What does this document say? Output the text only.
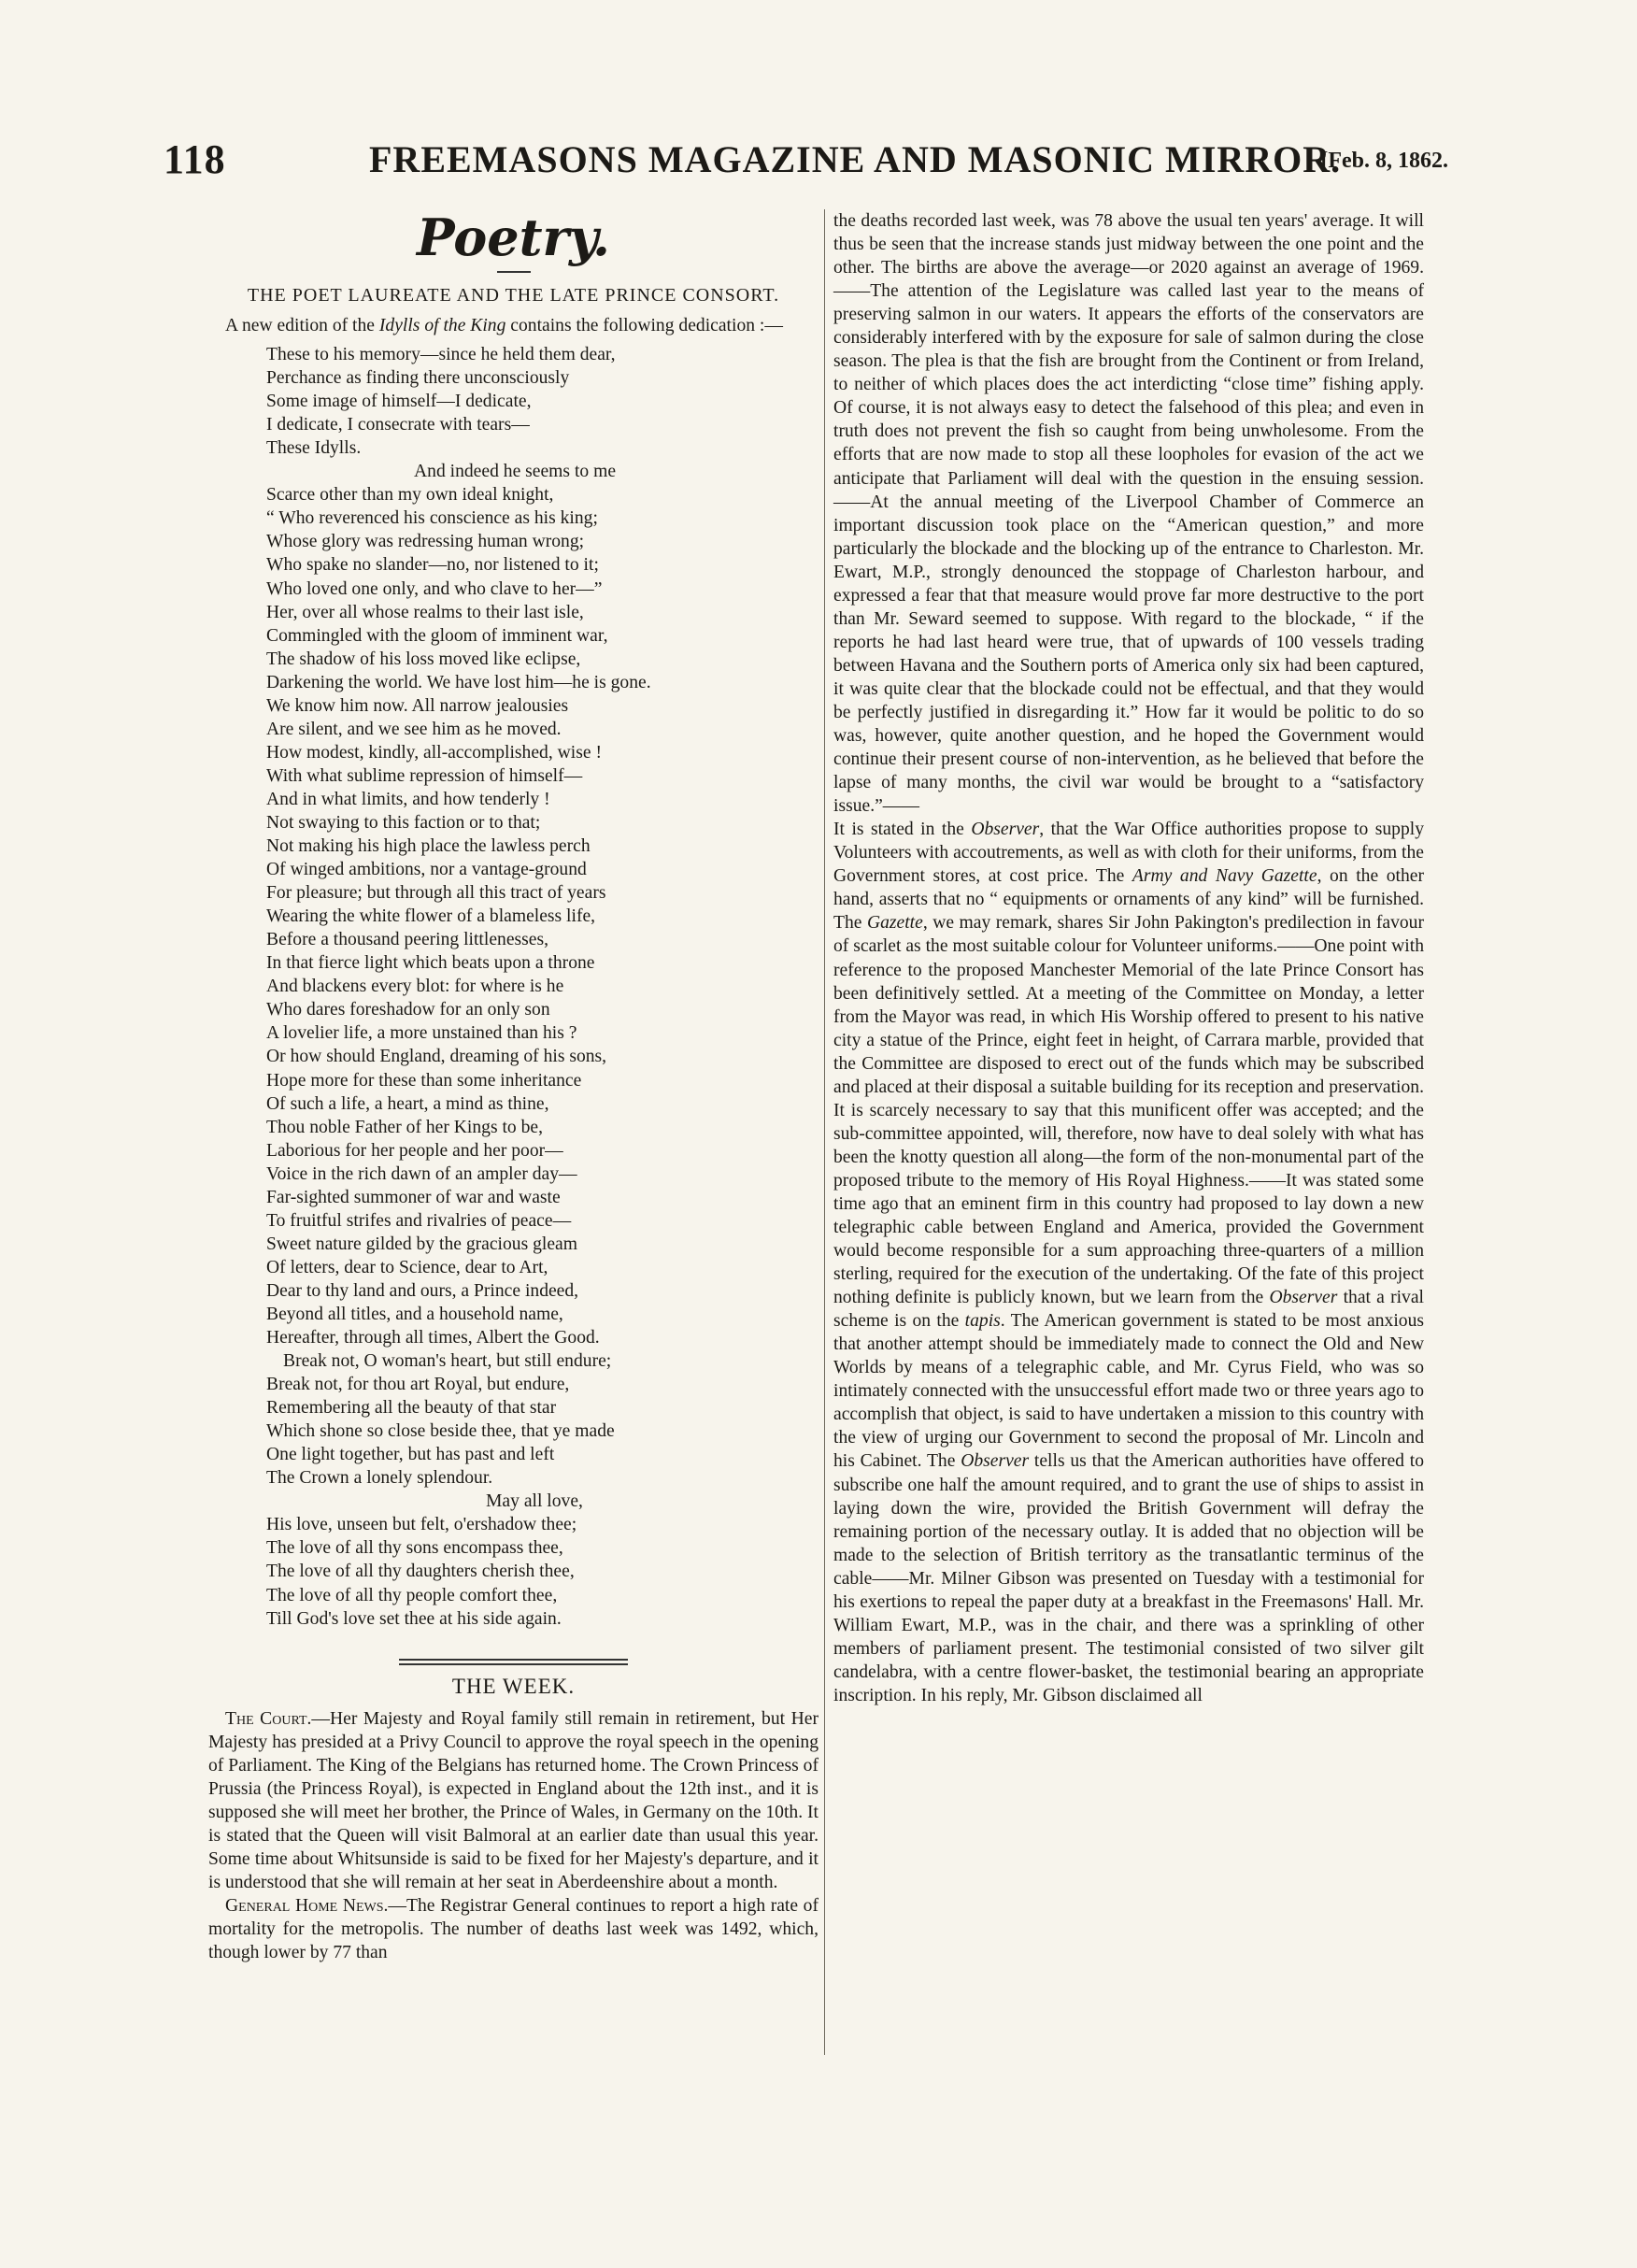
118	FREEMASONS MAGAZINE AND MASONIC MIRROR.
[Feb. 8, 1862.
Poetry.
THE POET LAUREATE AND THE LATE PRINCE CONSORT.

A new edition of the Idylls of the King contains the following dedication :—

These to his memory—since he held them dear,
Perchance as finding there unconsciously
Some image of himself—I dedicate,
I dedicate, I consecrate with tears—
These Idylls.
And indeed he seems to me
Scarce other than my own ideal knight,
“ Who reverenced his conscience as his king;
Whose glory was redressing human wrong;
Who spake no slander—no, nor listened to it;
Who loved one only, and who clave to her—”
Her, over all whose realms to their last isle,
Commingled with the gloom of imminent war,
The shadow of his loss moved like eclipse,
Darkening the world. We have lost him—he is gone.
We know him now. All narrow jealousies
Are silent, and we see him as he moved.
How modest, kindly, all-accomplished, wise !
With what sublime repression of himself—
And in what limits, and how tenderly !
Not swaying to this faction or to that;
Not making his high place the lawless perch
Of winged ambitions, nor a vantage-ground
For pleasure; but through all this tract of years
Wearing the white flower of a blameless life,
Before a thousand peering littlenesses,
In that fierce light which beats upon a throne
And blackens every blot: for where is he
Who dares foreshadow for an only son
A lovelier life, a more unstained than his ?
Or how should England, dreaming of his sons,
Hope more for these than some inheritance
Of such a life, a heart, a mind as thine,
Thou noble Father of her Kings to be,
Laborious for her people and her poor—
Voice in the rich dawn of an ampler day—
Far-sighted summoner of war and waste
To fruitful strifes and rivalries of peace—
Sweet nature gilded by the gracious gleam
Of letters, dear to Science, dear to Art,
Dear to thy land and ours, a Prince indeed,
Beyond all titles, and a household name,
Hereafter, through all times, Albert the Good.
Break not, O woman's heart, but still endure;
Break not, for thou art Royal, but endure,
Remembering all the beauty of that star
Which shone so close beside thee, that ye made
One light together, but has past and left
The Crown a lonely splendour.
May all love,
His love, unseen but felt, o'ershadow thee;
The love of all thy sons encompass thee,
The love of all thy daughters cherish thee,
The love of all thy people comfort thee,
Till God's love set thee at his side again.
THE WEEK.

The Court.—Her Majesty and Royal family still remain in retirement, but Her Majesty has presided at a Privy Council to approve the royal speech in the opening of Parliament. The King of the Belgians has returned home. The Crown Princess of Prussia (the Princess Royal), is expected in England about the 12th inst., and it is supposed she will meet her brother, the Prince of Wales, in Germany on the 10th. It is stated that the Queen will visit Balmoral at an earlier date than usual this year. Some time about Whitsunside is said to be fixed for her Majesty's departure, and it is understood that she will remain at her seat in Aberdeenshire about a month.

General Home News.—The Registrar General continues to report a high rate of mortality for the metropolis. The number of deaths last week was 1492, which, though lower by 77 than

the deaths recorded last week, was 78 above the usual ten years' average. It will thus be seen that the increase stands just midway between the one point and the other. The births are above the average—or 2020 against an average of 1969.——The attention of the Legislature was called last year to the means of preserving salmon in our waters. It appears the efforts of the conservators are considerably interfered with by the exposure for sale of salmon during the close season. The plea is that the fish are brought from the Continent or from Ireland, to neither of which places does the act interdicting “close time” fishing apply. Of course, it is not always easy to detect the falsehood of this plea; and even in truth does not prevent the fish so caught from being unwholesome. From the efforts that are now made to stop all these loopholes for evasion of the act we anticipate that Parliament will deal with the question in the ensuing session.——At the annual meeting of the Liverpool Chamber of Commerce an important discussion took place on the “American question,” and more particularly the blockade and the blocking up of the entrance to Charleston. Mr. Ewart, M.P., strongly denounced the stoppage of Charleston harbour, and expressed a fear that that measure would prove far more destructive to the port than Mr. Seward seemed to suppose. With regard to the blockade, “ if the reports he had last heard were true, that of upwards of 100 vessels trading between Havana and the Southern ports of America only six had been captured, it was quite clear that the blockade could not be effectual, and that they would be perfectly justified in disregarding it.” How far it would be politic to do so was, however, quite another question, and he hoped the Government would continue their present course of non-intervention, as he believed that before the lapse of many months, the civil war would be brought to a “satisfactory issue.”——

It is stated in the Observer, that the War Office authorities propose to supply Volunteers with accoutrements, as well as with cloth for their uniforms, from the Government stores, at cost price. The Army and Navy Gazette, on the other hand, asserts that no “ equipments or ornaments of any kind” will be furnished. The Gazette, we may remark, shares Sir John Pakington's predilection in favour of scarlet as the most suitable colour for Volunteer uniforms.——One point with reference to the proposed Manchester Memorial of the late Prince Consort has been definitively settled. At a meeting of the Committee on Monday, a letter from the Mayor was read, in which His Worship offered to present to his native city a statue of the Prince, eight feet in height, of Carrara marble, provided that the Committee are disposed to erect out of the funds which may be subscribed and placed at their disposal a suitable building for its reception and preservation. It is scarcely necessary to say that this munificent offer was accepted; and the sub-committee appointed, will, therefore, now have to deal solely with what has been the knotty question all along—the form of the non-monumental part of the proposed tribute to the memory of His Royal Highness.——It was stated some time ago that an eminent firm in this country had proposed to lay down a new telegraphic cable between England and America, provided the Government would become responsible for a sum approaching three-quarters of a million sterling, required for the execution of the undertaking. Of the fate of this project nothing definite is publicly known, but we learn from the Observer that a rival scheme is on the tapis. The American government is stated to be most anxious that another attempt should be immediately made to connect the Old and New Worlds by means of a telegraphic cable, and Mr. Cyrus Field, who was so intimately connected with the unsuccessful effort made two or three years ago to accomplish that object, is said to have undertaken a mission to this country with the view of urging our Government to second the proposal of Mr. Lincoln and his Cabinet. The Observer tells us that the American authorities have offered to subscribe one half the amount required, and to grant the use of ships to assist in laying down the wire, provided the British Government will defray the remaining portion of the necessary outlay. It is added that no objection will be made to the selection of British territory as the transatlantic terminus of the cable——Mr. Milner Gibson was presented on Tuesday with a testimonial for his exertions to repeal the paper duty at a breakfast in the Freemasons' Hall. Mr. William Ewart, M.P., was in the chair, and there was a sprinkling of other members of parliament present. The testimonial consisted of two silver gilt candelabra, with a centre flower-basket, the testimonial bearing an appropriate inscription. In his reply, Mr. Gibson disclaimed all
